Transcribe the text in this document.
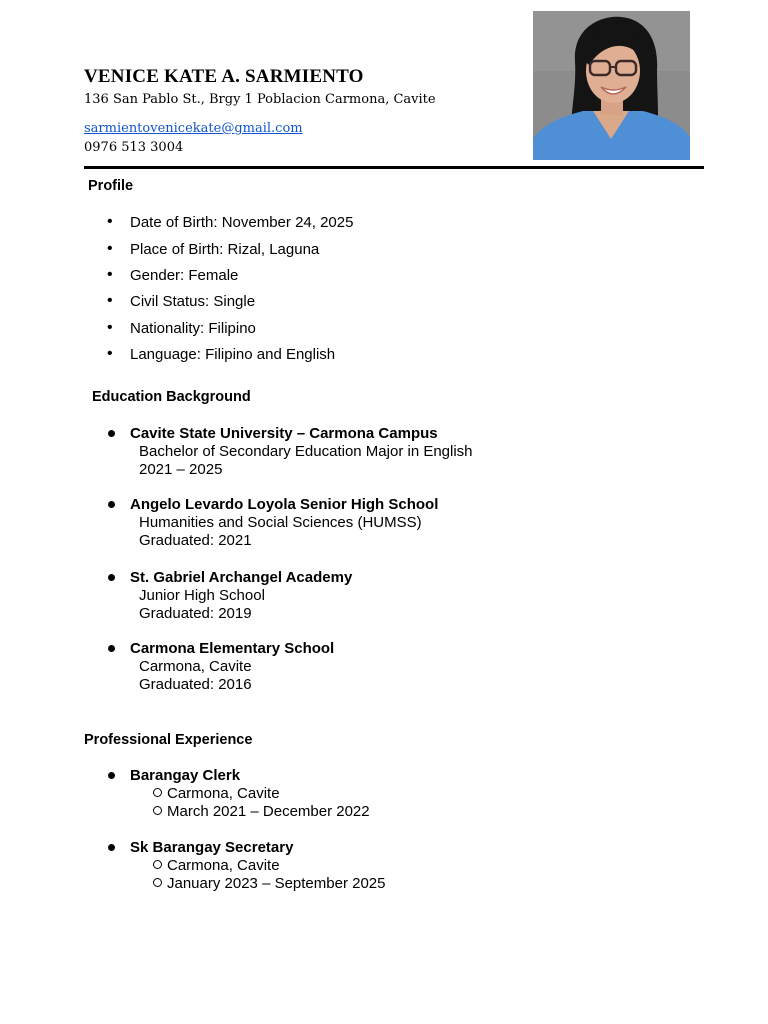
VENICE KATE A. SARMIENTO

136 San Pablo St., Brgy 1 Poblacion Carmona, Cavite

sarmientovenicekate@gmail.com

0976 513 3004

Profile
• Date of Birth: November 24, 2025
• Place of Birth: Rizal, Laguna
• Gender: Female
• Civil Status: Single
• Nationality: Filipino
• Language: Filipino and English
Education Background
Cavite State University – Carmona Campus
Bachelor of Secondary Education Major in English
2021 – 2025
Angelo Levardo Loyola Senior High School
Humanities and Social Sciences (HUMSS)
Graduated: 2021
St. Gabriel Archangel Academy
Junior High School
Graduated: 2019
Carmona Elementary School
Carmona, Cavite
Graduated: 2016
Professional Experience
Barangay Clerk
Carmona, Cavite
March 2021 – December 2022
Sk Barangay Secretary
Carmona, Cavite
January 2023 – September 2025
